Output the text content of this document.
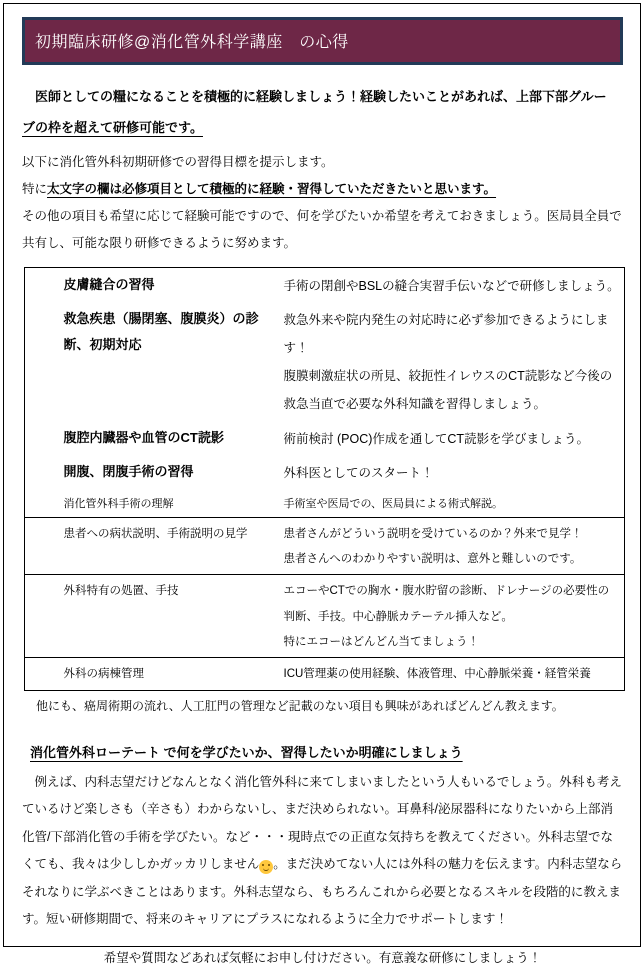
初期臨床研修@消化管外科学講座　の心得

　医師としての糧になることを積極的に経験しましょう！経験したいことがあれば、上部下部グルー
ブの枠を超えて研修可能です。

以下に消化管外科初期研修での習得目標を提示します。
特に太文字の欄は必修項目として積極的に経験・習得していただきたいと思います。
その他の項目も希望に応じて経験可能ですので、何を学びたいか希望を考えておきましょう。医局員全員で共有し、可能な限り研修できるように努めます。

	皮膚縫合の習得	手術の閉創やBSLの縫合実習手伝いなどで研修しましょう。

	救急疾患（腸閉塞、腹膜炎）の診断、初期対応	救急外来や院内発生の対応時に必ず参加できるようにします！
腹膜刺激症状の所見、絞扼性イレウスのCT読影など今後の救急当直で必要な外科知識を習得しましょう。

	腹腔内臓器や血管のCT読影	術前検討 (POC)作成を通してCT読影を学びましょう。

	開腹、閉腹手術の習得	外科医としてのスタート！

	消化管外科手術の理解	手術室や医局での、医局員による術式解説。

	患者への病状説明、手術説明の見学	患者さんがどういう説明を受けているのか？外来で見学！
患者さんへのわかりやすい説明は、意外と難しいのです。

	外科特有の処置、手技	エコーやCTでの胸水・腹水貯留の診断、ドレナージの必要性の判断、手技。中心静脈カテーテル挿入など。
特にエコーはどんどん当てましょう！

	外科の病棟管理	ICU管理薬の使用経験、体液管理、中心静脈栄養・経管栄養

　他にも、癌周術期の流れ、人工肛門の管理など記載のない項目も興味があればどんどん教えます。

消化管外科ローテート で何を学びたいか、習得したいか明確にしましょう

　例えば、内科志望だけどなんとなく消化管外科に来てしまいましたという人もいるでしょう。外科も考えているけど楽しさも（辛さも）わからないし、まだ決められない。耳鼻科/泌尿器科になりたいから上部消化管/下部消化管の手術を学びたい。など・・・現時点での正直な気持ちを教えてください。外科志望でなくても、我々は少ししかガッカリしません 。まだ決めてない人には外科の魅力を伝えます。内科志望ならそれなりに学ぶべきことはあります。外科志望なら、もちろんこれから必要となるスキルを段階的に教えます。短い研修期間で、将来のキャリアにプラスになれるように全力でサポートします！

希望や質問などあれば気軽にお申し付けださい。有意義な研修にしましょう！
